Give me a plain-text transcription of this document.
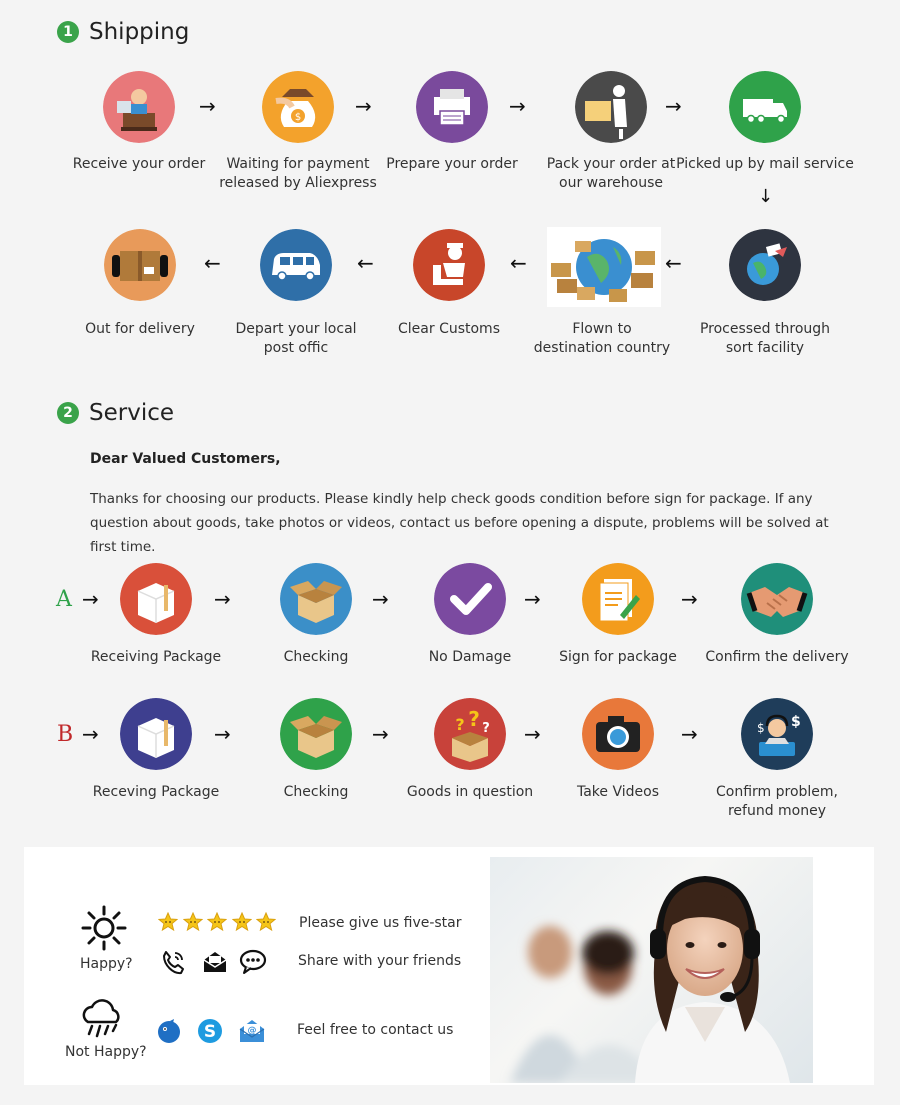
1 Shipping
Receive your order
$
Waiting for payment
released by Aliexpress
Prepare your order	Pack your order at
our warehouse
Picked up by mail service
Processed through
sort facility
Flown to
destination country
Clear Customs
Depart your local
post offic
Out for delivery
→	→	→	→
←	←	←	←
↓
2 Service
Dear Valued Customers,
Thanks for choosing our products. Please kindly help check goods condition before sign for package. If any question about goods, take photos or videos, contact us before opening a dispute, problems will be solved at first time.
A →
Receiving Package	Checking	No Damage	Sign for package	Confirm the delivery
→	→	→	→
B →
Receving Package	Checking
? ? ?
Goods in question	Take Videos
$ $
Confirm problem,
refund money
→	→	→	→
Happy?
Not Happy?
Please give us five-star
Share with your friends
S	@	Feel free to contact us
